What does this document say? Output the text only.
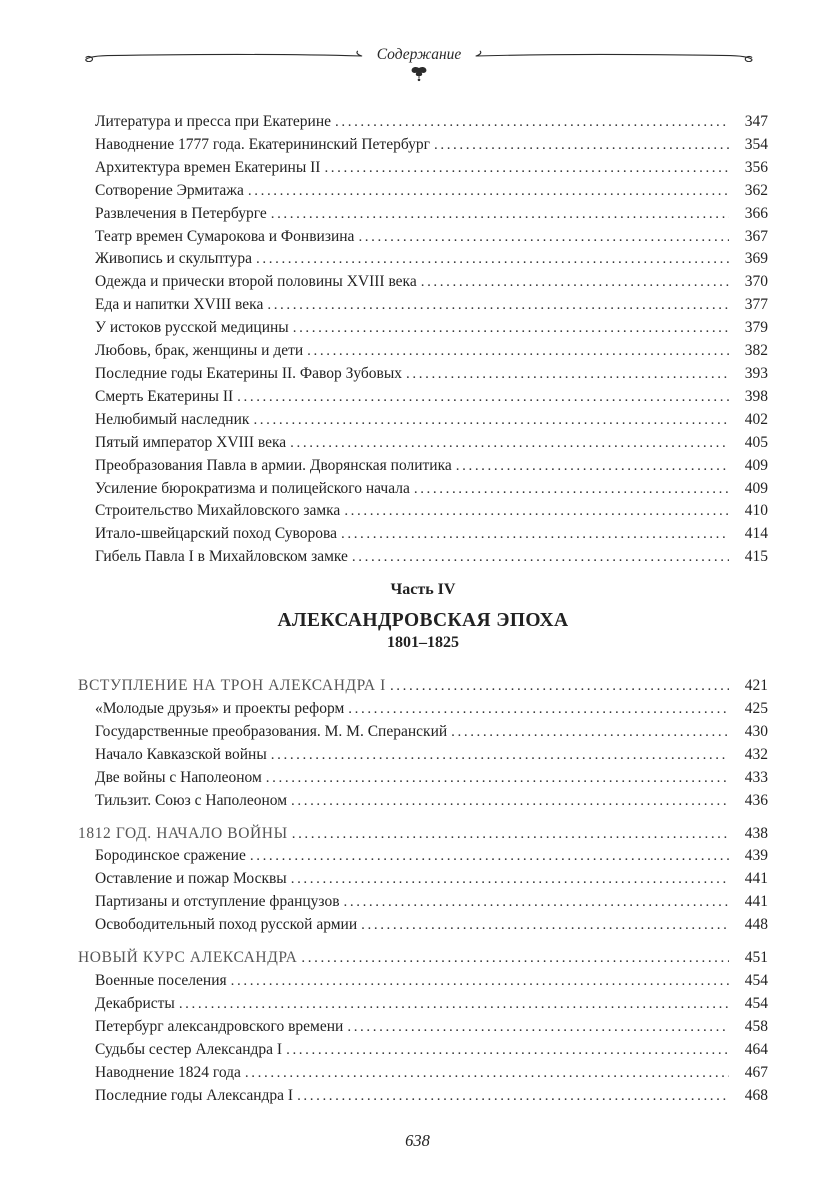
Содержание
Литература и пресса при Екатерине .....	347
Наводнение 1777 года. Екатерининский Петербург .....	354
Архитектура времен Екатерины II .....	356
Сотворение Эрмитажа .....	362
Развлечения в Петербурге .....	366
Театр времен Сумарокова и Фонвизина .....	367
Живопись и скульптура .....	369
Одежда и прически второй половины XVIII века .....	370
Еда и напитки XVIII века .....	377
У истоков русской медицины .....	379
Любовь, брак, женщины и дети .....	382
Последние годы Екатерины II. Фавор Зубовых .....	393
Смерть Екатерины II .....	398
Нелюбимый наследник .....	402
Пятый император XVIII века .....	405
Преобразования Павла в армии. Дворянская политика .....	409
Усиление бюрократизма и полицейского начала .....	409
Строительство Михайловского замка .....	410
Итало-швейцарский поход Суворова .....	414
Гибель Павла I в Михайловском замке .....	415
Часть IV
АЛЕКСАНДРОВСКАЯ ЭПОХА
1801–1825
ВСТУПЛЕНИЕ НА ТРОН АЛЕКСАНДРА I .....	421
«Молодые друзья» и проекты реформ .....	425
Государственные преобразования. М. М. Сперанский .....	430
Начало Кавказской войны .....	432
Две войны с Наполеоном .....	433
Тильзит. Союз с Наполеоном .....	436
1812 ГОД. НАЧАЛО ВОЙНЫ .....	438
Бородинское сражение .....	439
Оставление и пожар Москвы .....	441
Партизаны и отступление французов .....	441
Освободительный поход русской армии .....	448
НОВЫЙ КУРС АЛЕКСАНДРА .....	451
Военные поселения .....	454
Декабристы .....	454
Петербург александровского времени .....	458
Судьбы сестер Александра I .....	464
Наводнение 1824 года .....	467
Последние годы Александра I .....	468
638
